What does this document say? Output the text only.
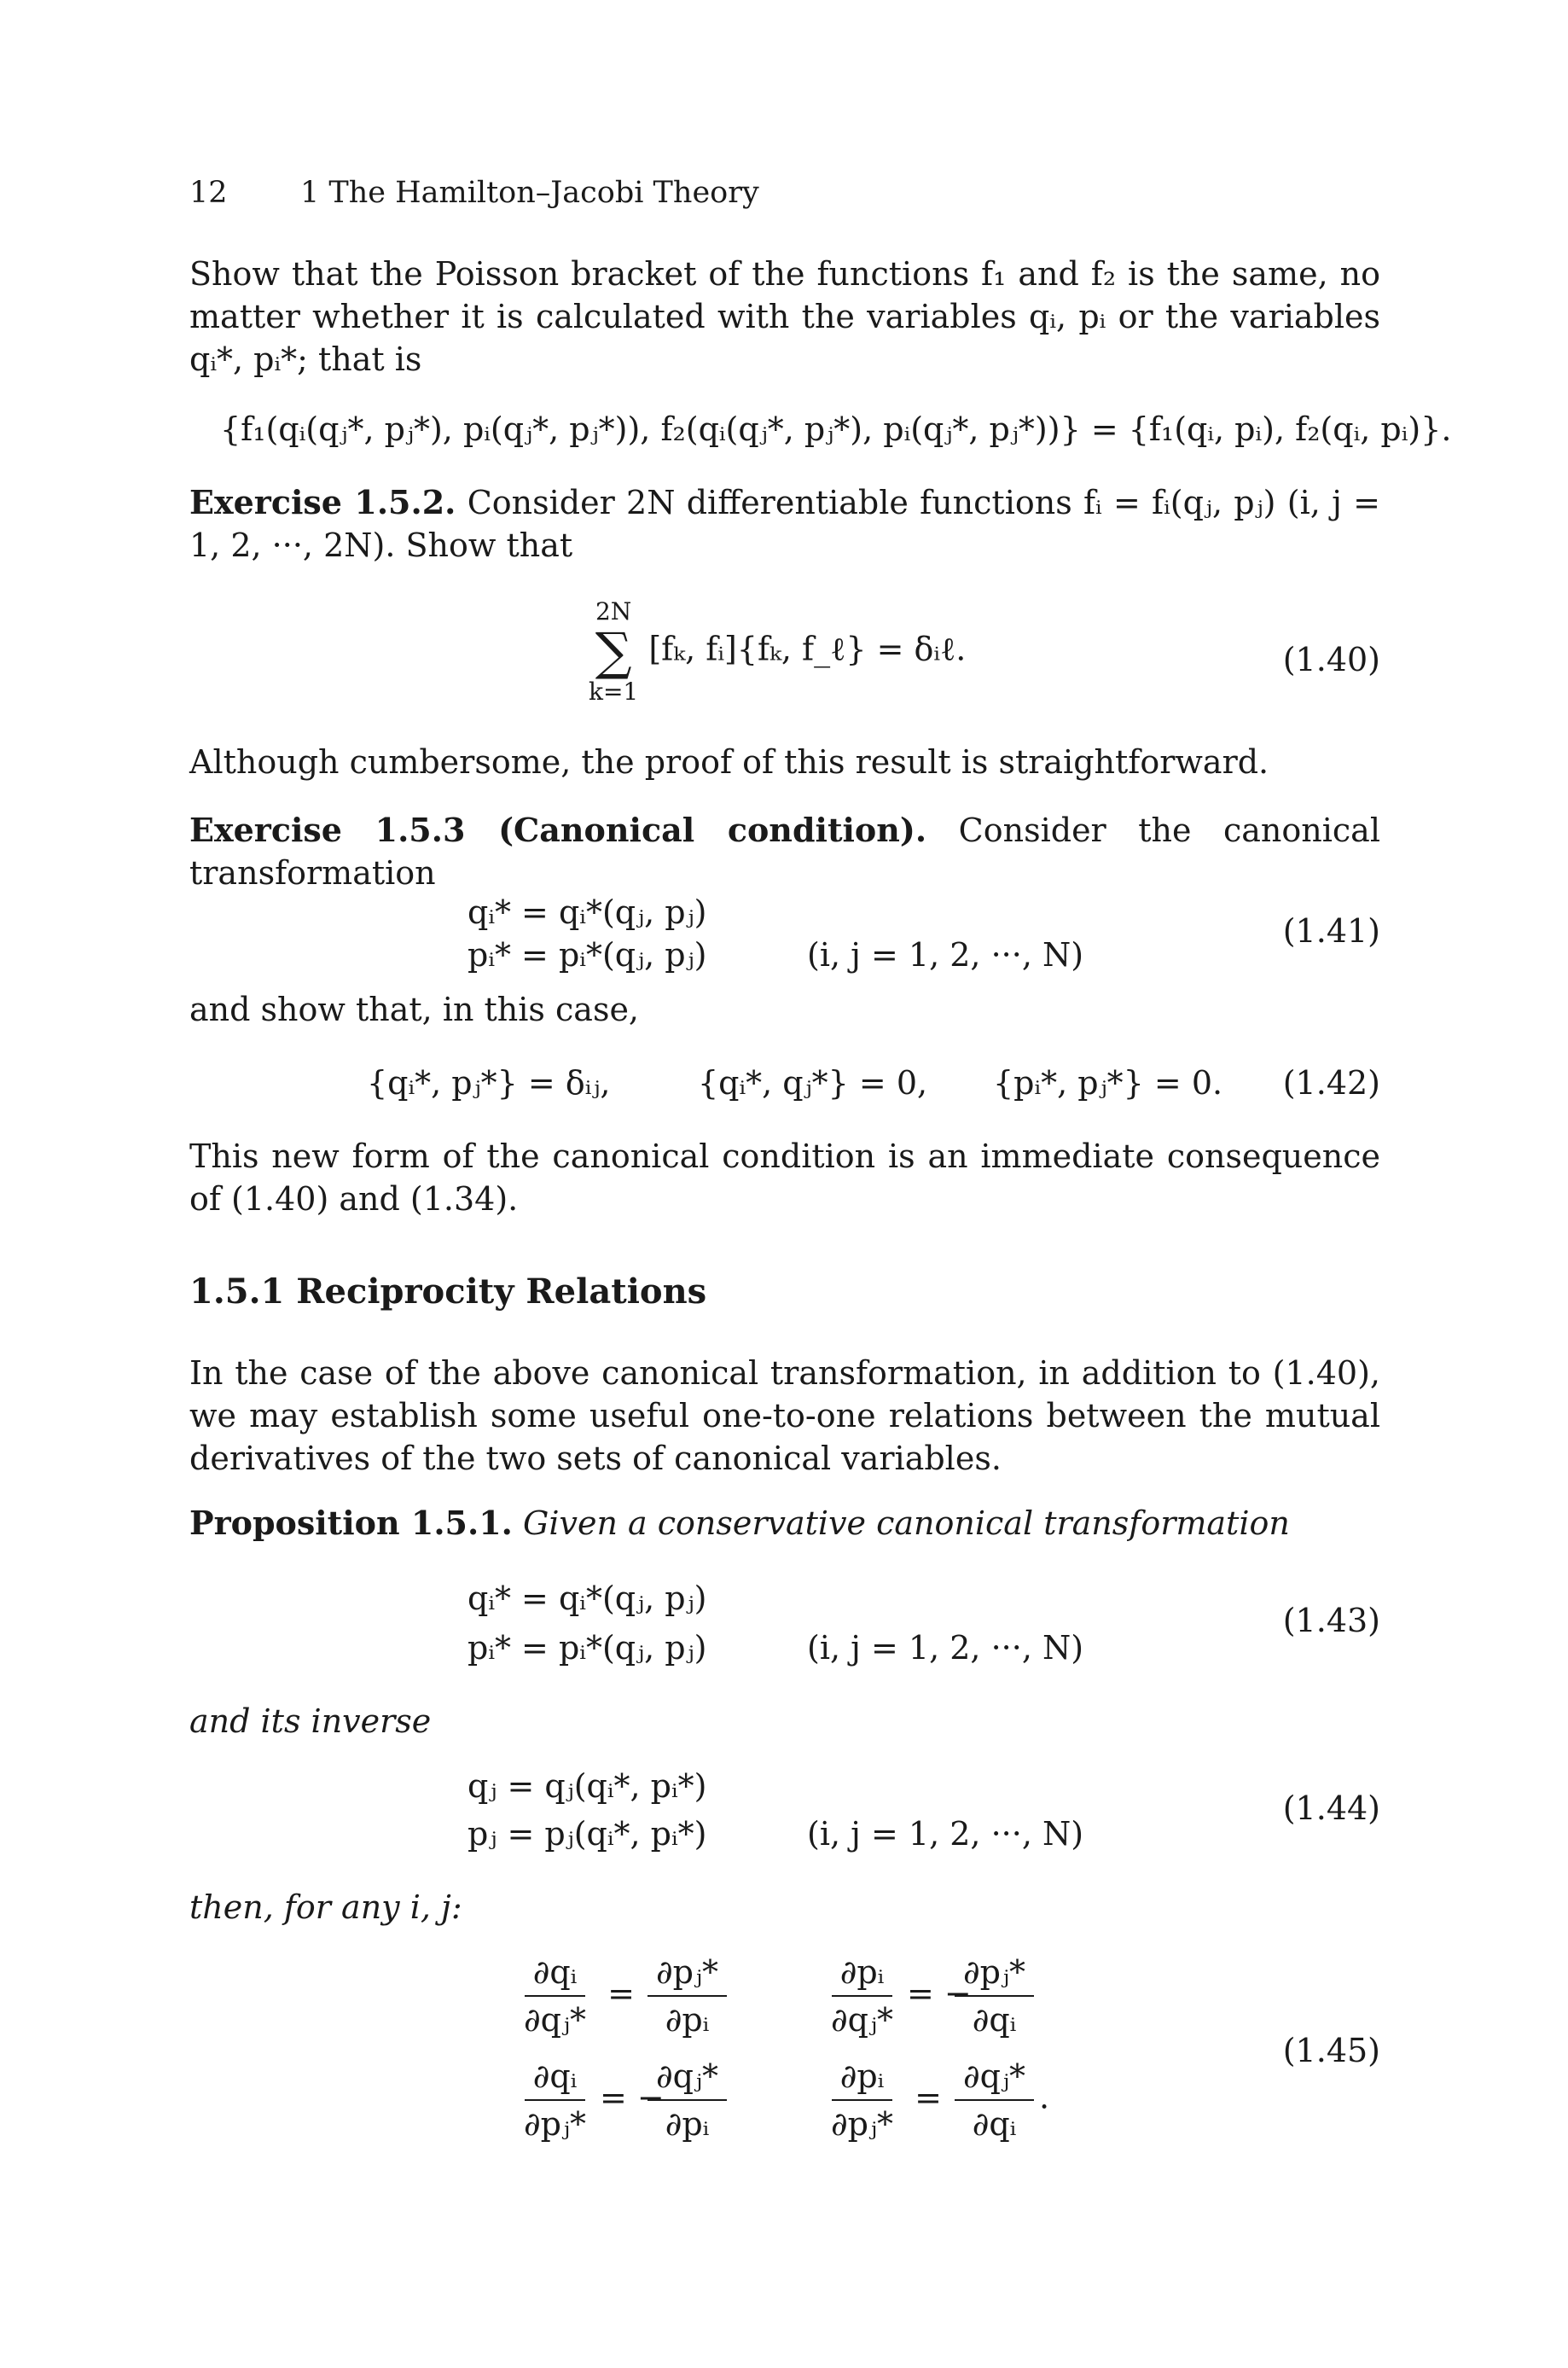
12 1 The Hamilton–Jacobi Theory

Show that the Poisson bracket of the functions f₁ and f₂ is the same, no matter whether it is calculated with the variables qᵢ, pᵢ or the variables qᵢ*, pᵢ*; that is

{f₁(qᵢ(qⱼ*, pⱼ*), pᵢ(qⱼ*, pⱼ*)), f₂(qᵢ(qⱼ*, pⱼ*), pᵢ(qⱼ*, pⱼ*))} = {f₁(qᵢ, pᵢ), f₂(qᵢ, pᵢ)}.

Exercise 1.5.2. Consider 2N differentiable functions fᵢ = fᵢ(qⱼ, pⱼ) (i, j = 1, 2, ···, 2N). Show that

2N
∑
k=1
[fₖ, fᵢ]{fₖ, f_ℓ} = δᵢℓ.	(1.40)

Although cumbersome, the proof of this result is straightforward.

Exercise 1.5.3 (Canonical condition). Consider the canonical transformation

qᵢ* = qᵢ*(qⱼ, pⱼ)
pᵢ* = pᵢ*(qⱼ, pⱼ)	(i, j = 1, 2, ···, N)
(1.41)

and show that, in this case,

{qᵢ*, pⱼ*} = δᵢⱼ,	{qᵢ*, qⱼ*} = 0, {pᵢ*, pⱼ*} = 0. (1.42)

This new form of the canonical condition is an immediate consequence of (1.40) and (1.34).

1.5.1 Reciprocity Relations

In the case of the above canonical transformation, in addition to (1.40), we may establish some useful one-to-one relations between the mutual derivatives of the two sets of canonical variables.

Proposition 1.5.1. Given a conservative canonical transformation

qᵢ* = qᵢ*(qⱼ, pⱼ)
pᵢ* = pᵢ*(qⱼ, pⱼ)	(i, j = 1, 2, ···, N)
(1.43)

and its inverse

qⱼ = qⱼ(qᵢ*, pᵢ*)
pⱼ = pⱼ(qᵢ*, pᵢ*)	(i, j = 1, 2, ···, N)
(1.44)

then, for any i, j:

$\frac{\text{∂qᵢ}}{\text{∂qⱼ*}} = \frac{\text{∂pⱼ*}}{\text{∂pᵢ}}$	$\frac{\text{∂pᵢ}}{\text{∂qⱼ*}}$ = −
$\frac{\text{∂pⱼ*}}{\text{∂qᵢ}}$
$\frac{\text{∂qᵢ}}{\text{∂pⱼ*}}$ = −
$\frac{\text{∂qⱼ*}}{\text{∂pᵢ}}$	$\frac{\text{∂pᵢ}}{\text{∂pⱼ*}} = \frac{\text{∂qⱼ*}}{\text{∂qᵢ}}$ .
(1.45)
